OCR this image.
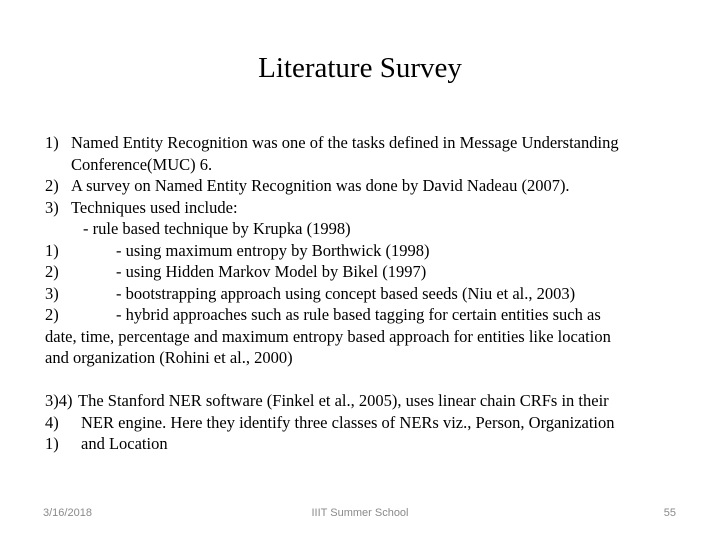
Literature Survey
1) Named Entity Recognition was one of the tasks defined in Message Understanding
Conference(MUC) 6.
2) A survey on Named Entity Recognition was done by David Nadeau (2007).
3) Techniques used include:
- rule based technique by Krupka (1998)
1)	- using maximum entropy by Borthwick (1998)
2)	- using Hidden Markov Model by Bikel (1997)
3)	- bootstrapping approach using concept based seeds (Niu et al., 2003)
2)	- hybrid approaches such as rule based tagging for certain entities such as
date, time, percentage and maximum entropy based approach for entities like location
and organization (Rohini et al., 2000)
3)4) The Stanford NER software (Finkel et al., 2005), uses linear chain CRFs in their
4) NER engine. Here they identify three classes of NERs viz., Person, Organization
1) and Location
3/16/2018	IIIT Summer School	55
